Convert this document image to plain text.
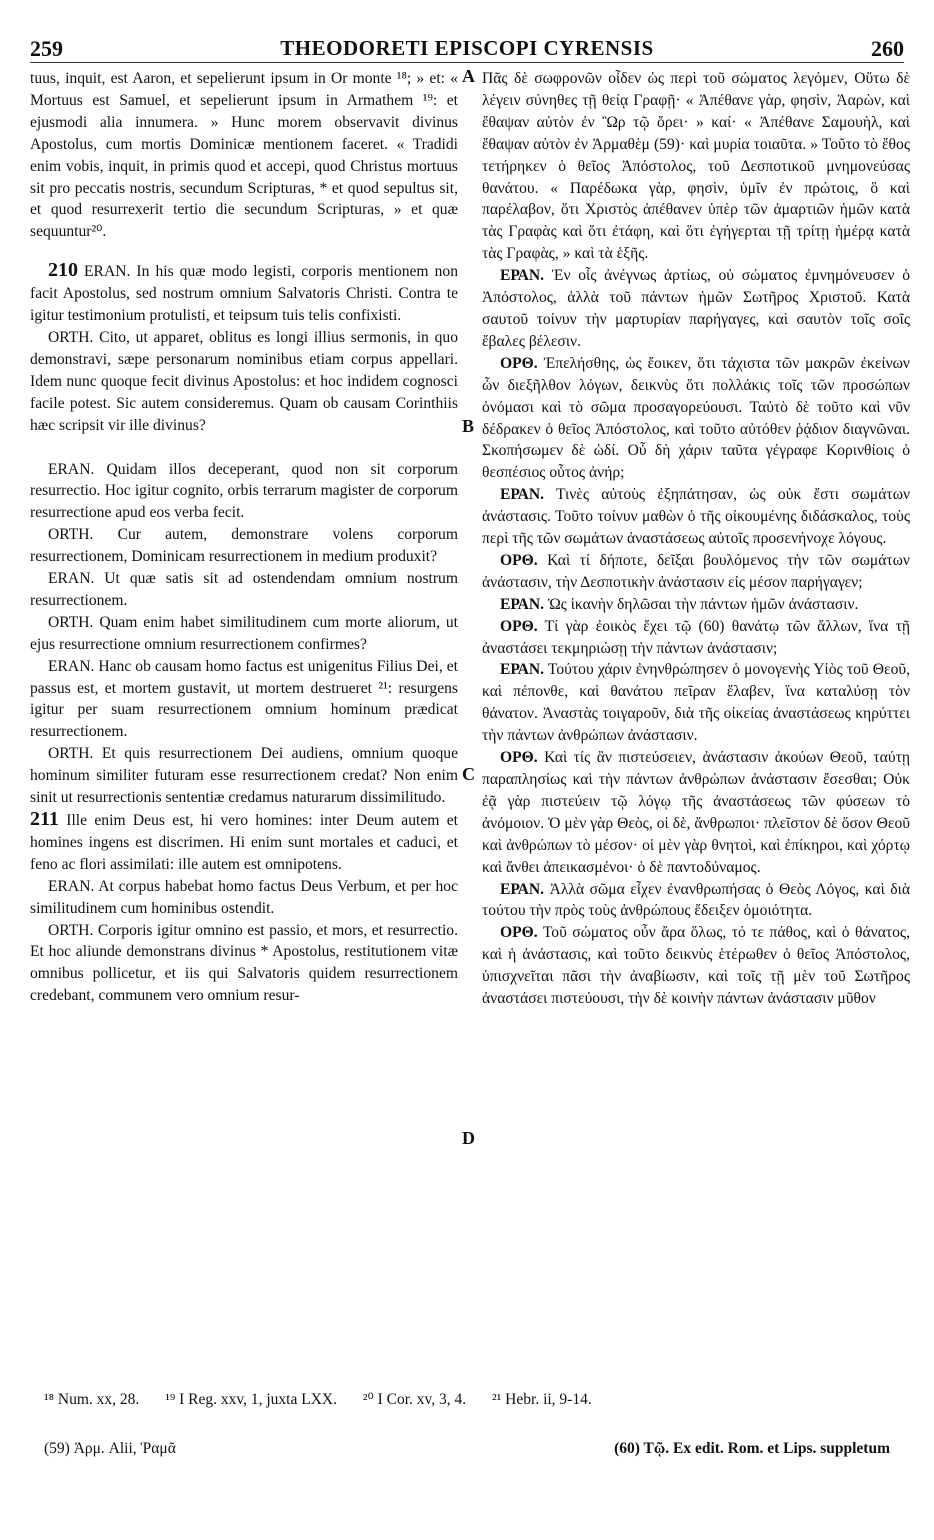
259	THEODORETI EPISCOPI CYRENSIS	260

tuus, inquit, est Aaron, et sepelierunt ipsum in Or monte ¹⁸; » et: « Mortuus est Samuel, et sepelierunt ipsum in Armathem ¹⁹: et ejusmodi alia innumera. » Hunc morem observavit divinus Apostolus, cum mortis Dominicæ mentionem faceret. « Tradidi enim vobis, inquit, in primis quod et accepi, quod Christus mortuus sit pro peccatis nostris, secundum Scripturas, * et quod sepultus sit, et quod resurrexerit tertio die secundum Scripturas, » et quæ sequuntur²⁰.

210 ERAN. In his quæ modo legisti, corporis mentionem non facit Apostolus, sed nostrum omnium Salvatoris Christi. Contra te igitur testimonium protulisti, et teipsum tuis telis confixisti.

ORTH. Cito, ut apparet, oblitus es longi illius sermonis, in quo demonstravi, sæpe personarum nominibus etiam corpus appellari. Idem nunc quoque fecit divinus Apostolus: et hoc indidem cognosci facile potest. Sic autem consideremus. Quam ob causam Corinthiis hæc scripsit vir ille divinus?

ERAN. Quidam illos deceperant, quod non sit corporum resurrectio. Hoc igitur cognito, orbis terrarum magister de corporum resurrectione apud eos verba fecit.

ORTH. Cur autem, demonstrare volens corporum resurrectionem, Dominicam resurrectionem in medium produxit?

ERAN. Ut quæ satis sit ad ostendendam omnium nostrum resurrectionem.

ORTH. Quam enim habet similitudinem cum morte aliorum, ut ejus resurrectione omnium resurrectionem confirmes?

ERAN. Hanc ob causam homo factus est unigenitus Filius Dei, et passus est, et mortem gustavit, ut mortem destrueret ²¹: resurgens igitur per suam resurrectionem omnium hominum prædicat resurrectionem.

ORTH. Et quis resurrectionem Dei audiens, omnium quoque hominum similiter futuram esse resurrectionem credat? Non enim sinit ut resurrectionis sententiæ credamus naturarum dissimilitudo.

211 Ille enim Deus est, hi vero homines: inter Deum autem et homines ingens est discrimen. Hi enim sunt mortales et caduci, et feno ac flori assimilati: ille autem est omnipotens.

ERAN. At corpus habebat homo factus Deus Verbum, et per hoc similitudinem cum hominibus ostendit.

ORTH. Corporis igitur omnino est passio, et mors, et resurrectio. Et hoc aliunde demonstrans divinus * Apostolus, restitutionem vitæ omnibus pollicetur, et iis qui Salvatoris quidem resurrectionem credebant, communem vero omnium resur-

A
B
C
D

Πᾶς δὲ σωφρονῶν οἶδεν ὡς περὶ τοῦ σώματος λεγόμεν, Οὕτω δὲ λέγειν σύνηθες τῇ θείᾳ Γραφῇ· « Ἀπέθανε γὰρ, φησὶν, Ἀαρὼν, καὶ ἔθαψαν αὐτὸν ἐν Ὢρ τῷ ὄρει· » καί· « Ἀπέθανε Σαμουὴλ, καὶ ἔθαψαν αὐτὸν ἐν Ἀρμαθὲμ (59)· καὶ μυρία τοιαῦτα. » Τοῦτο τὸ ἔθος τετήρηκεν ὁ θεῖος Ἀπόστολος, τοῦ Δεσποτικοῦ μνημονεύσας θανάτου. « Παρέδωκα γὰρ, φησὶν, ὑμῖν ἐν πρώτοις, ὃ καὶ παρέλαβον, ὅτι Χριστὸς ἀπέθανεν ὑπὲρ τῶν ἁμαρτιῶν ἡμῶν κατὰ τὰς Γραφὰς καὶ ὅτι ἐτάφη, καὶ ὅτι ἐγήγερται τῇ τρίτῃ ἡμέρᾳ κατὰ τὰς Γραφὰς, » καὶ τὰ ἑξῆς.

ΕΡΑΝ. Ἐν οἷς ἀνέγνως ἀρτίως, οὐ σώματος ἐμνημόνευσεν ὁ Ἀπόστολος, ἀλλὰ τοῦ πάντων ἡμῶν Σωτῆρος Χριστοῦ. Κατὰ σαυτοῦ τοίνυν τὴν μαρτυρίαν παρήγαγες, καὶ σαυτὸν τοῖς σοῖς ἔβαλες βέλεσιν.

ΟΡΘ. Ἐπελήσθης, ὡς ἔοικεν, ὅτι τάχιστα τῶν μακρῶν ἐκείνων ὧν διεξῆλθον λόγων, δεικνὺς ὅτι πολλάκις τοῖς τῶν προσώπων ὀνόμασι καὶ τὸ σῶμα προσαγορεύουσι. Ταὐτὸ δὲ τοῦτο καὶ νῦν δέδρακεν ὁ θεῖος Ἀπόστολος, καὶ τοῦτο αὐτόθεν ῥᾴδιον διαγνῶναι. Σκοπήσωμεν δὲ ὡδί. Οὗ δὴ χάριν ταῦτα γέγραφε Κορινθίοις ὁ θεσπέσιος οὗτος ἀνήρ;

ΕΡΑΝ. Τινὲς αὐτοὺς ἐξηπάτησαν, ὡς οὐκ ἔστι σωμάτων ἀνάστασις. Τοῦτο τοίνυν μαθὼν ὁ τῆς οἰκουμένης διδάσκαλος, τοὺς περὶ τῆς τῶν σωμάτων ἀναστάσεως αὐτοῖς προσενήνοχε λόγους.

ΟΡΘ. Καὶ τί δήποτε, δεῖξαι βουλόμενος τὴν τῶν σωμάτων ἀνάστασιν, τὴν Δεσποτικὴν ἀνάστασιν εἰς μέσον παρήγαγεν;

ΕΡΑΝ. Ὡς ἱκανὴν δηλῶσαι τὴν πάντων ἡμῶν ἀνάστασιν.

ΟΡΘ. Τί γὰρ ἐοικὸς ἔχει τῷ (60) θανάτῳ τῶν ἄλλων, ἵνα τῇ ἀναστάσει τεκμηριώσῃ τὴν πάντων ἀνάστασιν;

ΕΡΑΝ. Τούτου χάριν ἐνηνθρώπησεν ὁ μονογενὴς Υἱὸς τοῦ Θεοῦ, καὶ πέπονθε, καὶ θανάτου πεῖραν ἔλαβεν, ἵνα καταλύσῃ τὸν θάνατον. Ἀναστὰς τοιγαροῦν, διὰ τῆς οἰκείας ἀναστάσεως κηρύττει τὴν πάντων ἀνθρώπων ἀνάστασιν.

ΟΡΘ. Καὶ τίς ἂν πιστεύσειεν, ἀνάστασιν ἀκούων Θεοῦ, ταύτῃ παραπλησίως καὶ τὴν πάντων ἀνθρώπων ἀνάστασιν ἔσεσθαι; Οὐκ ἐᾷ γὰρ πιστεύειν τῷ λόγῳ τῆς ἀναστάσεως τῶν φύσεων τὸ ἀνόμοιον. Ὁ μὲν γὰρ Θεὸς, οἱ δὲ, ἄνθρωποι· πλεῖστον δὲ ὅσον Θεοῦ καὶ ἀνθρώπων τὸ μέσον· οἱ μὲν γὰρ θνητοὶ, καὶ ἐπίκηροι, καὶ χόρτῳ καὶ ἄνθει ἀπεικασμένοι· ὁ δὲ παντοδύναμος.

ΕΡΑΝ. Ἀλλὰ σῶμα εἶχεν ἐνανθρωπήσας ὁ Θεὸς Λόγος, καὶ διὰ τούτου τὴν πρὸς τοὺς ἀνθρώπους ἔδειξεν ὁμοιότητα.

ΟΡΘ. Τοῦ σώματος οὖν ἄρα ὅλως, τό τε πάθος, καὶ ὁ θάνατος, καὶ ἡ ἀνάστασις, καὶ τοῦτο δεικνὺς ἑτέρωθεν ὁ θεῖος Ἀπόστολος, ὑπισχνεῖται πᾶσι τὴν ἀναβίωσιν, καὶ τοῖς τῇ μὲν τοῦ Σωτῆρος ἀναστάσει πιστεύουσι, τὴν δὲ κοινὴν πάντων ἀνάστασιν μῦθον

¹⁸ Num. xx, 28. ¹⁹ I Reg. xxv, 1, juxta LXX. ²⁰ I Cor. xv, 3, 4. ²¹ Hebr. ii, 9-14.
(59) Ἀρμ. Alii, Ῥαμᾶ	(60) Τῷ. Ex edit. Rom. et Lips. suppletum
